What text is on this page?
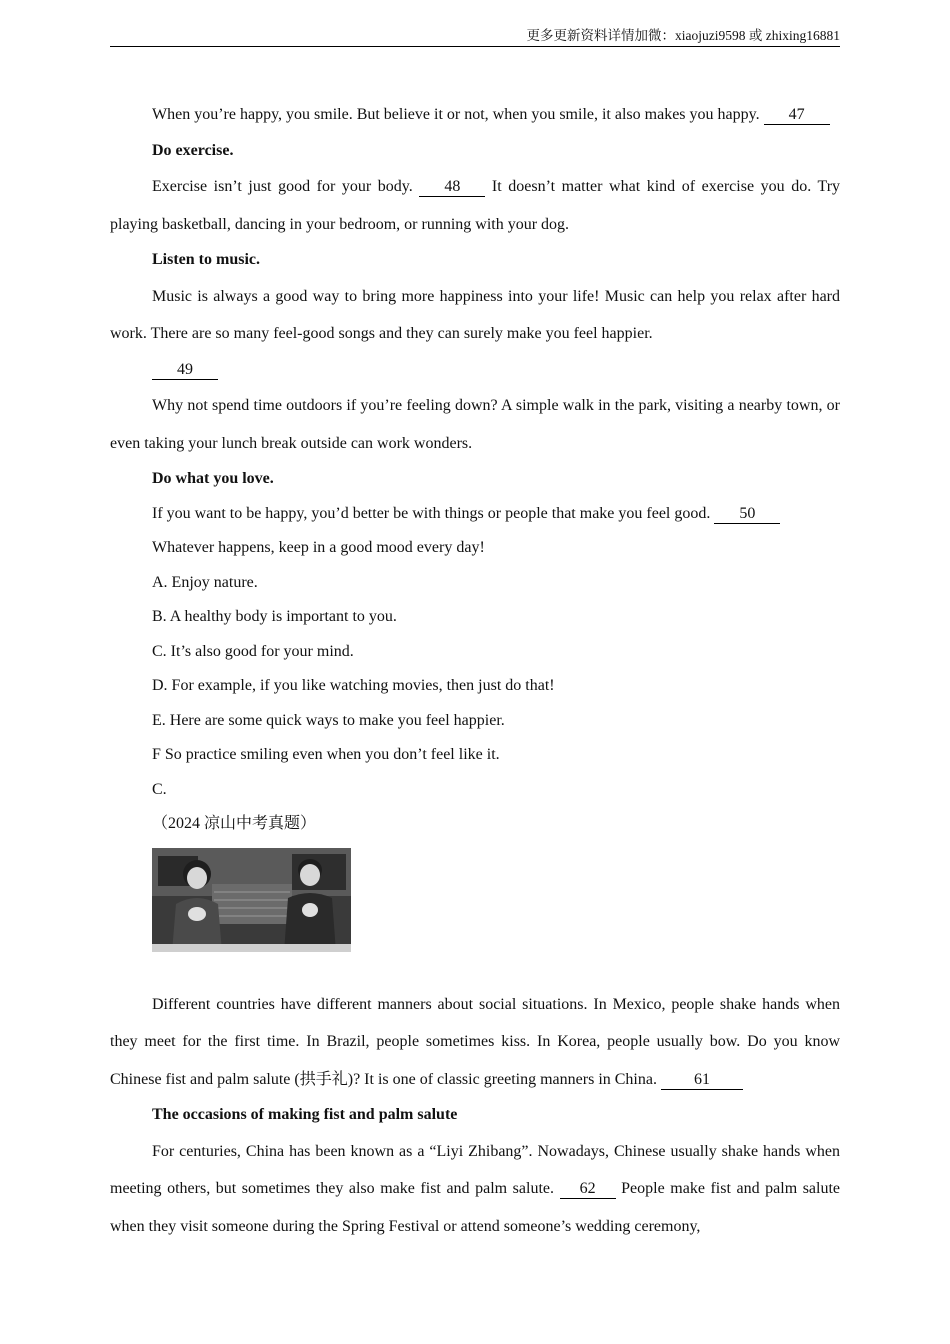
更多更新资料详情加微：xiaojuzi9598 或 zhixing16881

When you’re happy, you smile. But believe it or not, when you smile, it also makes you happy. 47

Do exercise.

Exercise isn’t just good for your body. 48 It doesn’t matter what kind of exercise you do. Try playing basketball, dancing in your bedroom, or running with your dog.

Listen to music.

Music is always a good way to bring more happiness into your life! Music can help you relax after hard work. There are so many feel-good songs and they can surely make you feel happier.

49

Why not spend time outdoors if you’re feeling down? A simple walk in the park, visiting a nearby town, or even taking your lunch break outside can work wonders.

Do what you love.

If you want to be happy, you’d better be with things or people that make you feel good. 50

Whatever happens, keep in a good mood every day!

A. Enjoy nature.

B. A healthy body is important to you.

C. It’s also good for your mind.

D. For example, if you like watching movies, then just do that!

E. Here are some quick ways to make you feel happier.

F So practice smiling even when you don’t feel like it.

C.

（2024 凉山中考真题）

Different countries have different manners about social situations. In Mexico, people shake hands when they meet for the first time. In Brazil, people sometimes kiss. In Korea, people usually bow. Do you know Chinese fist and palm salute (拱手礼)? It is one of classic greeting manners in China. 61

The occasions of making fist and palm salute

For centuries, China has been known as a “Liyi Zhibang”. Nowadays, Chinese usually shake hands when meeting others, but sometimes they also make fist and palm salute. 62 People make fist and palm salute when they visit someone during the Spring Festival or attend someone’s wedding ceremony,
